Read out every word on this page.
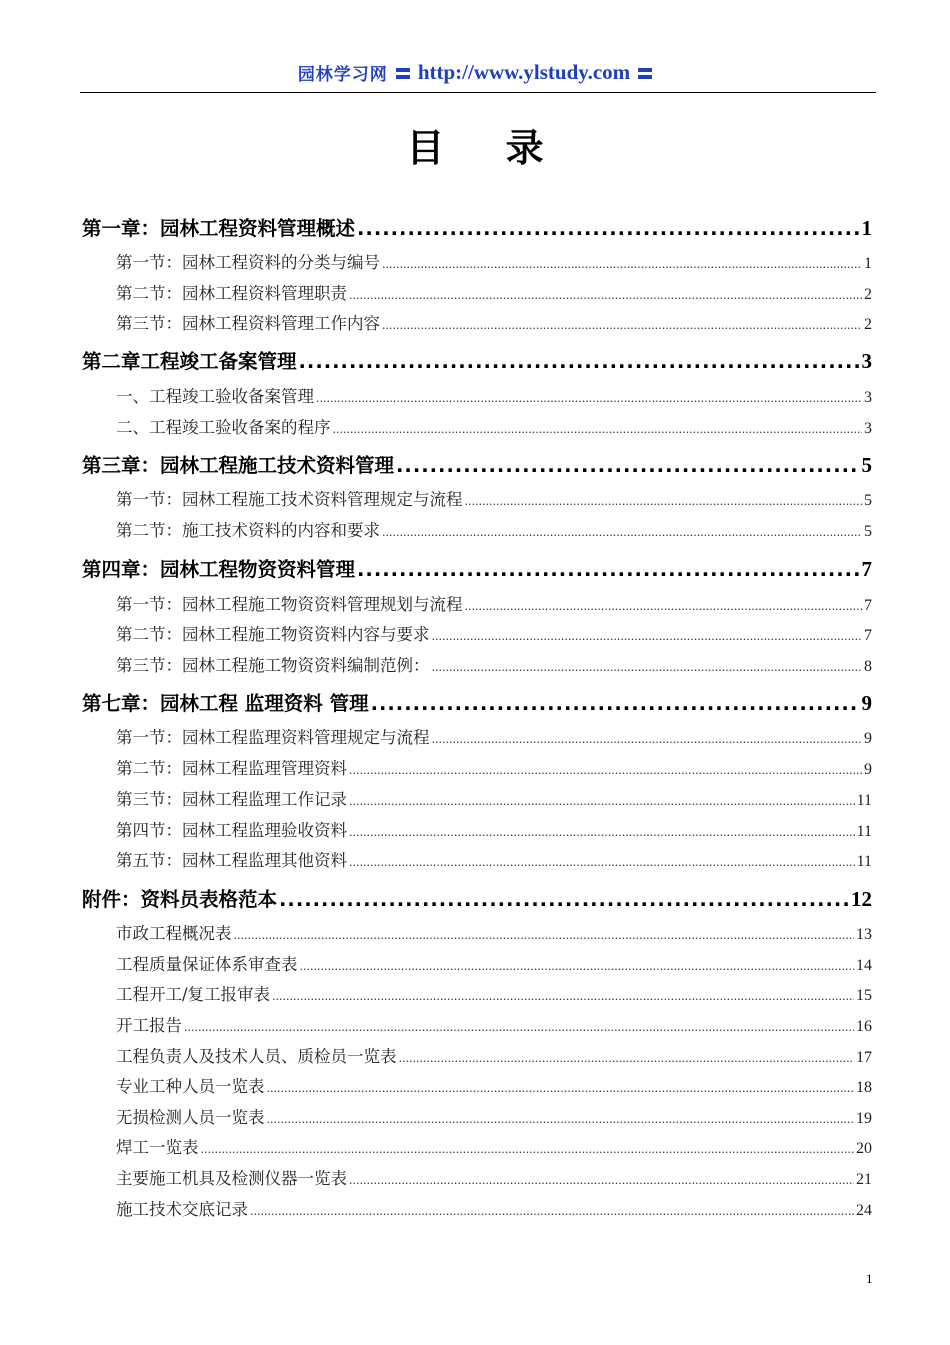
园林学习网 http://www.ylstudy.com
目 录
第一章：园林工程资料管理概述 .....	1
第一节：园林工程资料的分类与编号 .....	1
第二节：园林工程资料管理职责 .....	2
第三节：园林工程资料管理工作内容 .....	2
第二章工程竣工备案管理 .....	3
一、工程竣工验收备案管理 .....	3
二、工程竣工验收备案的程序 .....	3
第三章：园林工程施工技术资料管理 .....	5
第一节：园林工程施工技术资料管理规定与流程 .....	5
第二节：施工技术资料的内容和要求 .....	5
第四章：园林工程物资资料管理 .....	7
第一节：园林工程施工物资资料管理规划与流程 .....	7
第二节：园林工程施工物资资料内容与要求 .....	7
第三节：园林工程施工物资资料编制范例： .....	8
第七章：园林工程 监理资料 管理 .....	9
第一节：园林工程监理资料管理规定与流程 .....	9
第二节：园林工程监理管理资料 .....	9
第三节：园林工程监理工作记录 .....	11
第四节：园林工程监理验收资料 .....	11
第五节：园林工程监理其他资料 .....	11
附件：资料员表格范本 .....	12
市政工程概况表 .....	13
工程质量保证体系审查表 .....	14
工程开工/复工报审表 .....	15
开工报告 .....	16
工程负责人及技术人员、质检员一览表 .....	17
专业工种人员一览表 .....	18
无损检测人员一览表 .....	19
焊工一览表 .....	20
主要施工机具及检测仪器一览表 .....	21
施工技术交底记录 .....	24
1
